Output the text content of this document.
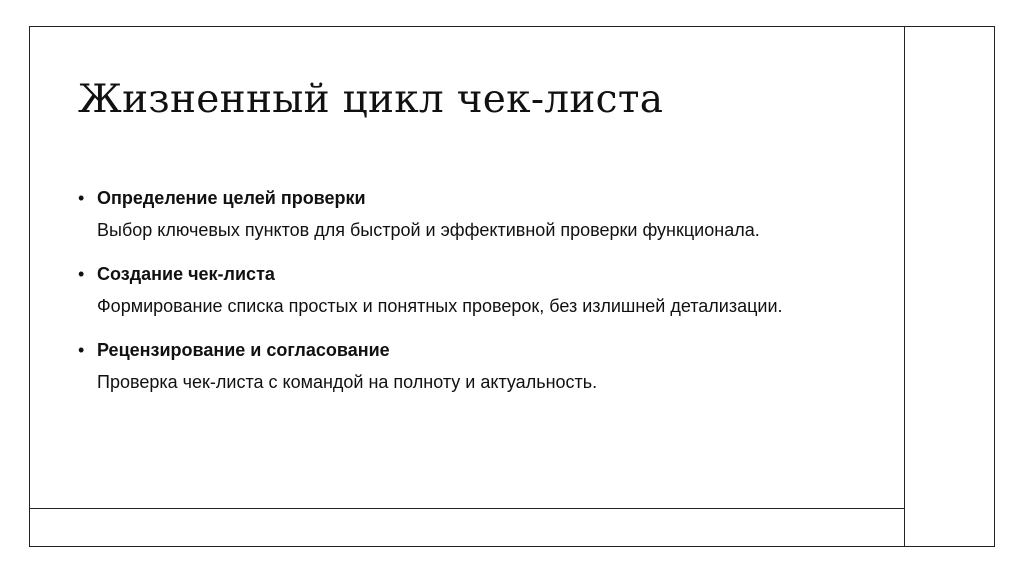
Жизненный цикл чек-листа
• Определение целей проверки
Выбор ключевых пунктов для быстрой и эффективной проверки функционала.
• Создание чек-листа
Формирование списка простых и понятных проверок, без излишней детализации.
• Рецензирование и согласование
Проверка чек-листа с командой на полноту и актуальность.
